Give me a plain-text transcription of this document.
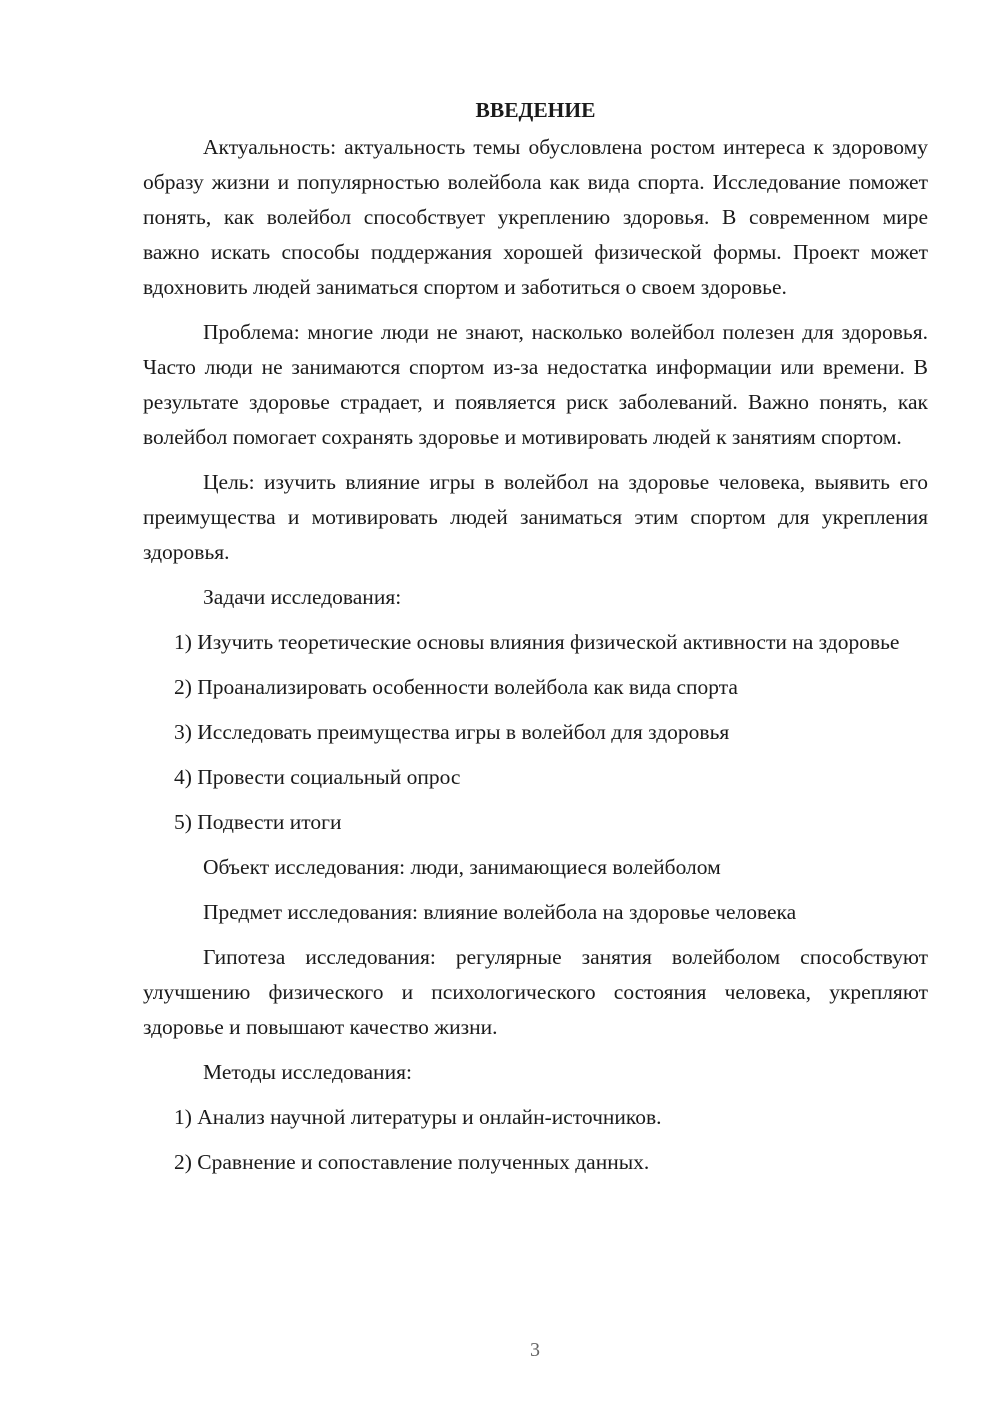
ВВЕДЕНИЕ

Актуальность: актуальность темы обусловлена ростом интереса к здоровому образу жизни и популярностью волейбола как вида спорта. Исследование поможет понять, как волейбол способствует укреплению здоровья. В современном мире важно искать способы поддержания хорошей физической формы. Проект может вдохновить людей заниматься спортом и заботиться о своем здоровье.

Проблема: многие люди не знают, насколько волейбол полезен для здоровья. Часто люди не занимаются спортом из-за недостатка информации или времени. В результате здоровье страдает, и появляется риск заболеваний. Важно понять, как волейбол помогает сохранять здоровье и мотивировать людей к занятиям спортом.

Цель: изучить влияние игры в волейбол на здоровье человека, выявить его преимущества и мотивировать людей заниматься этим спортом для укрепления здоровья.

Задачи исследования:

1) Изучить теоретические основы влияния физической активности на здоровье

2) Проанализировать особенности волейбола как вида спорта

3) Исследовать преимущества игры в волейбол для здоровья

4) Провести социальный опрос

5) Подвести итоги

Объект исследования: люди, занимающиеся волейболом

Предмет исследования: влияние волейбола на здоровье человека

Гипотеза исследования: регулярные занятия волейболом способствуют улучшению физического и психологического состояния человека, укрепляют здоровье и повышают качество жизни.

Методы исследования:

1) Анализ научной литературы и онлайн-источников.

2) Сравнение и сопоставление полученных данных.

3
